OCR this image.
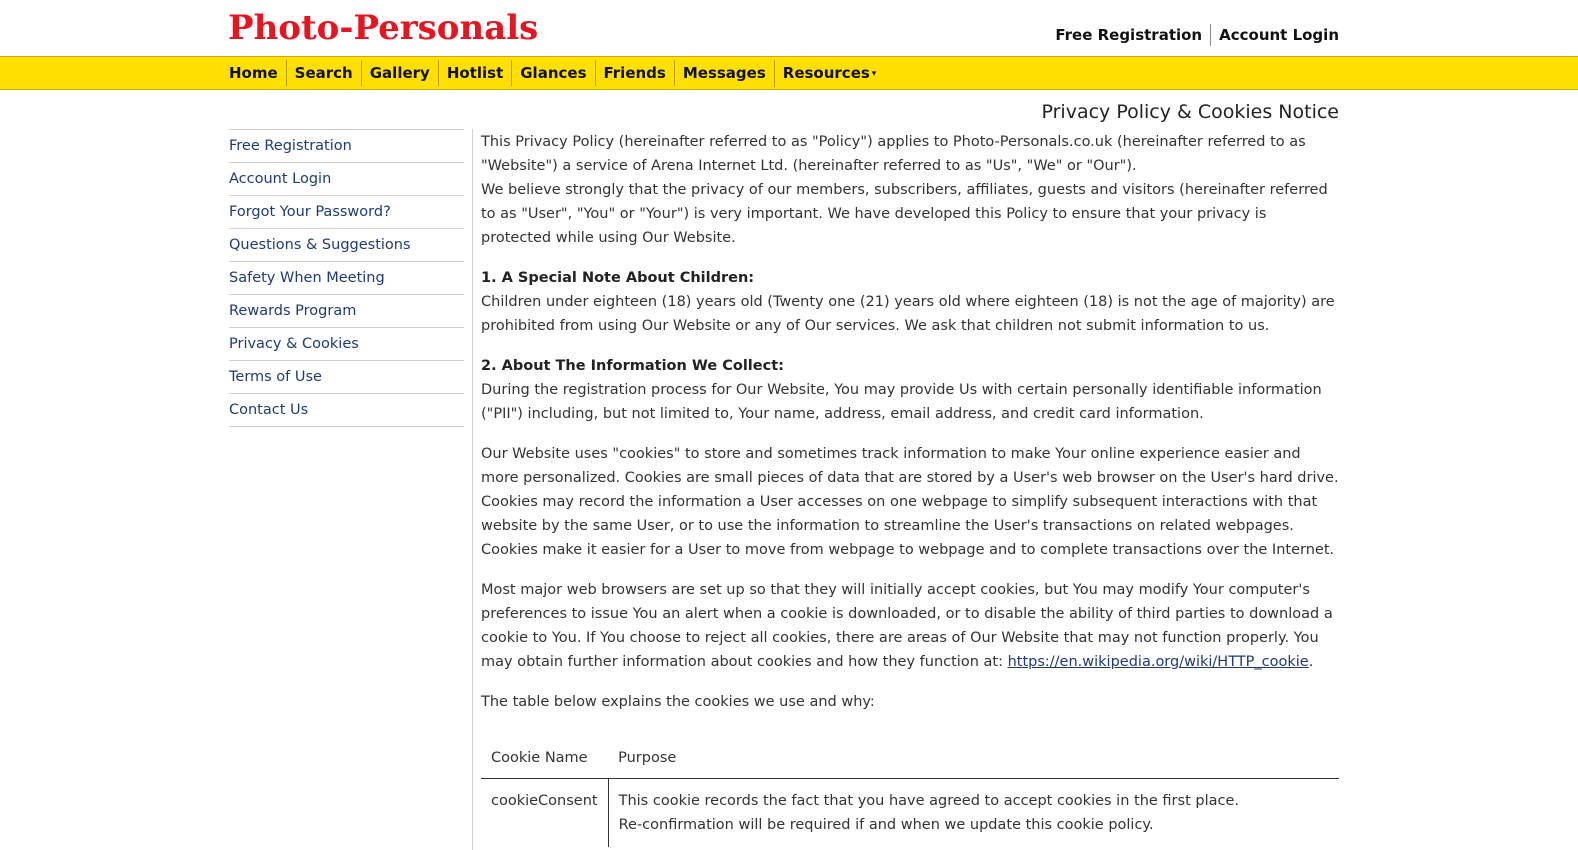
Photo-Personals	Free Registration	Account Login
Home	Search	Gallery	Hotlist	Glances	Friends	Messages	Resources ▾
Privacy Policy & Cookies Notice
Free Registration
Account Login
Forgot Your Password?
Questions & Suggestions
Safety When Meeting
Rewards Program
Privacy & Cookies
Terms of Use
Contact Us

This Privacy Policy (hereinafter referred to as "Policy") applies to Photo-Personals.co.uk (hereinafter referred to as "Website") a service of Arena Internet Ltd. (hereinafter referred to as "Us", "We" or "Our").

We believe strongly that the privacy of our members, subscribers, affiliates, guests and visitors (hereinafter referred to as "User", "You" or "Your") is very important. We have developed this Policy to ensure that your privacy is protected while using Our Website.

1. A Special Note About Children:

Children under eighteen (18) years old (Twenty one (21) years old where eighteen (18) is not the age of majority) are prohibited from using Our Website or any of Our services. We ask that children not submit information to us.

2. About The Information We Collect:

During the registration process for Our Website, You may provide Us with certain personally identifiable information ("PII") including, but not limited to, Your name, address, email address, and credit card information.

Our Website uses "cookies" to store and sometimes track information to make Your online experience easier and more personalized. Cookies are small pieces of data that are stored by a User's web browser on the User's hard drive. Cookies may record the information a User accesses on one webpage to simplify subsequent interactions with that website by the same User, or to use the information to streamline the User's transactions on related webpages. Cookies make it easier for a User to move from webpage to webpage and to complete transactions over the Internet.

Most major web browsers are set up so that they will initially accept cookies, but You may modify Your computer's preferences to issue You an alert when a cookie is downloaded, or to disable the ability of third parties to download a cookie to You. If You choose to reject all cookies, there are areas of Our Website that may not function properly. You may obtain further information about cookies and how they function at: https://en.wikipedia.org/wiki/HTTP_cookie.

The table below explains the cookies we use and why:

Cookie Name	Purpose
cookieConsent	This cookie records the fact that you have agreed to accept cookies in the first place.
Re-confirmation will be required if and when we update this cookie policy.
